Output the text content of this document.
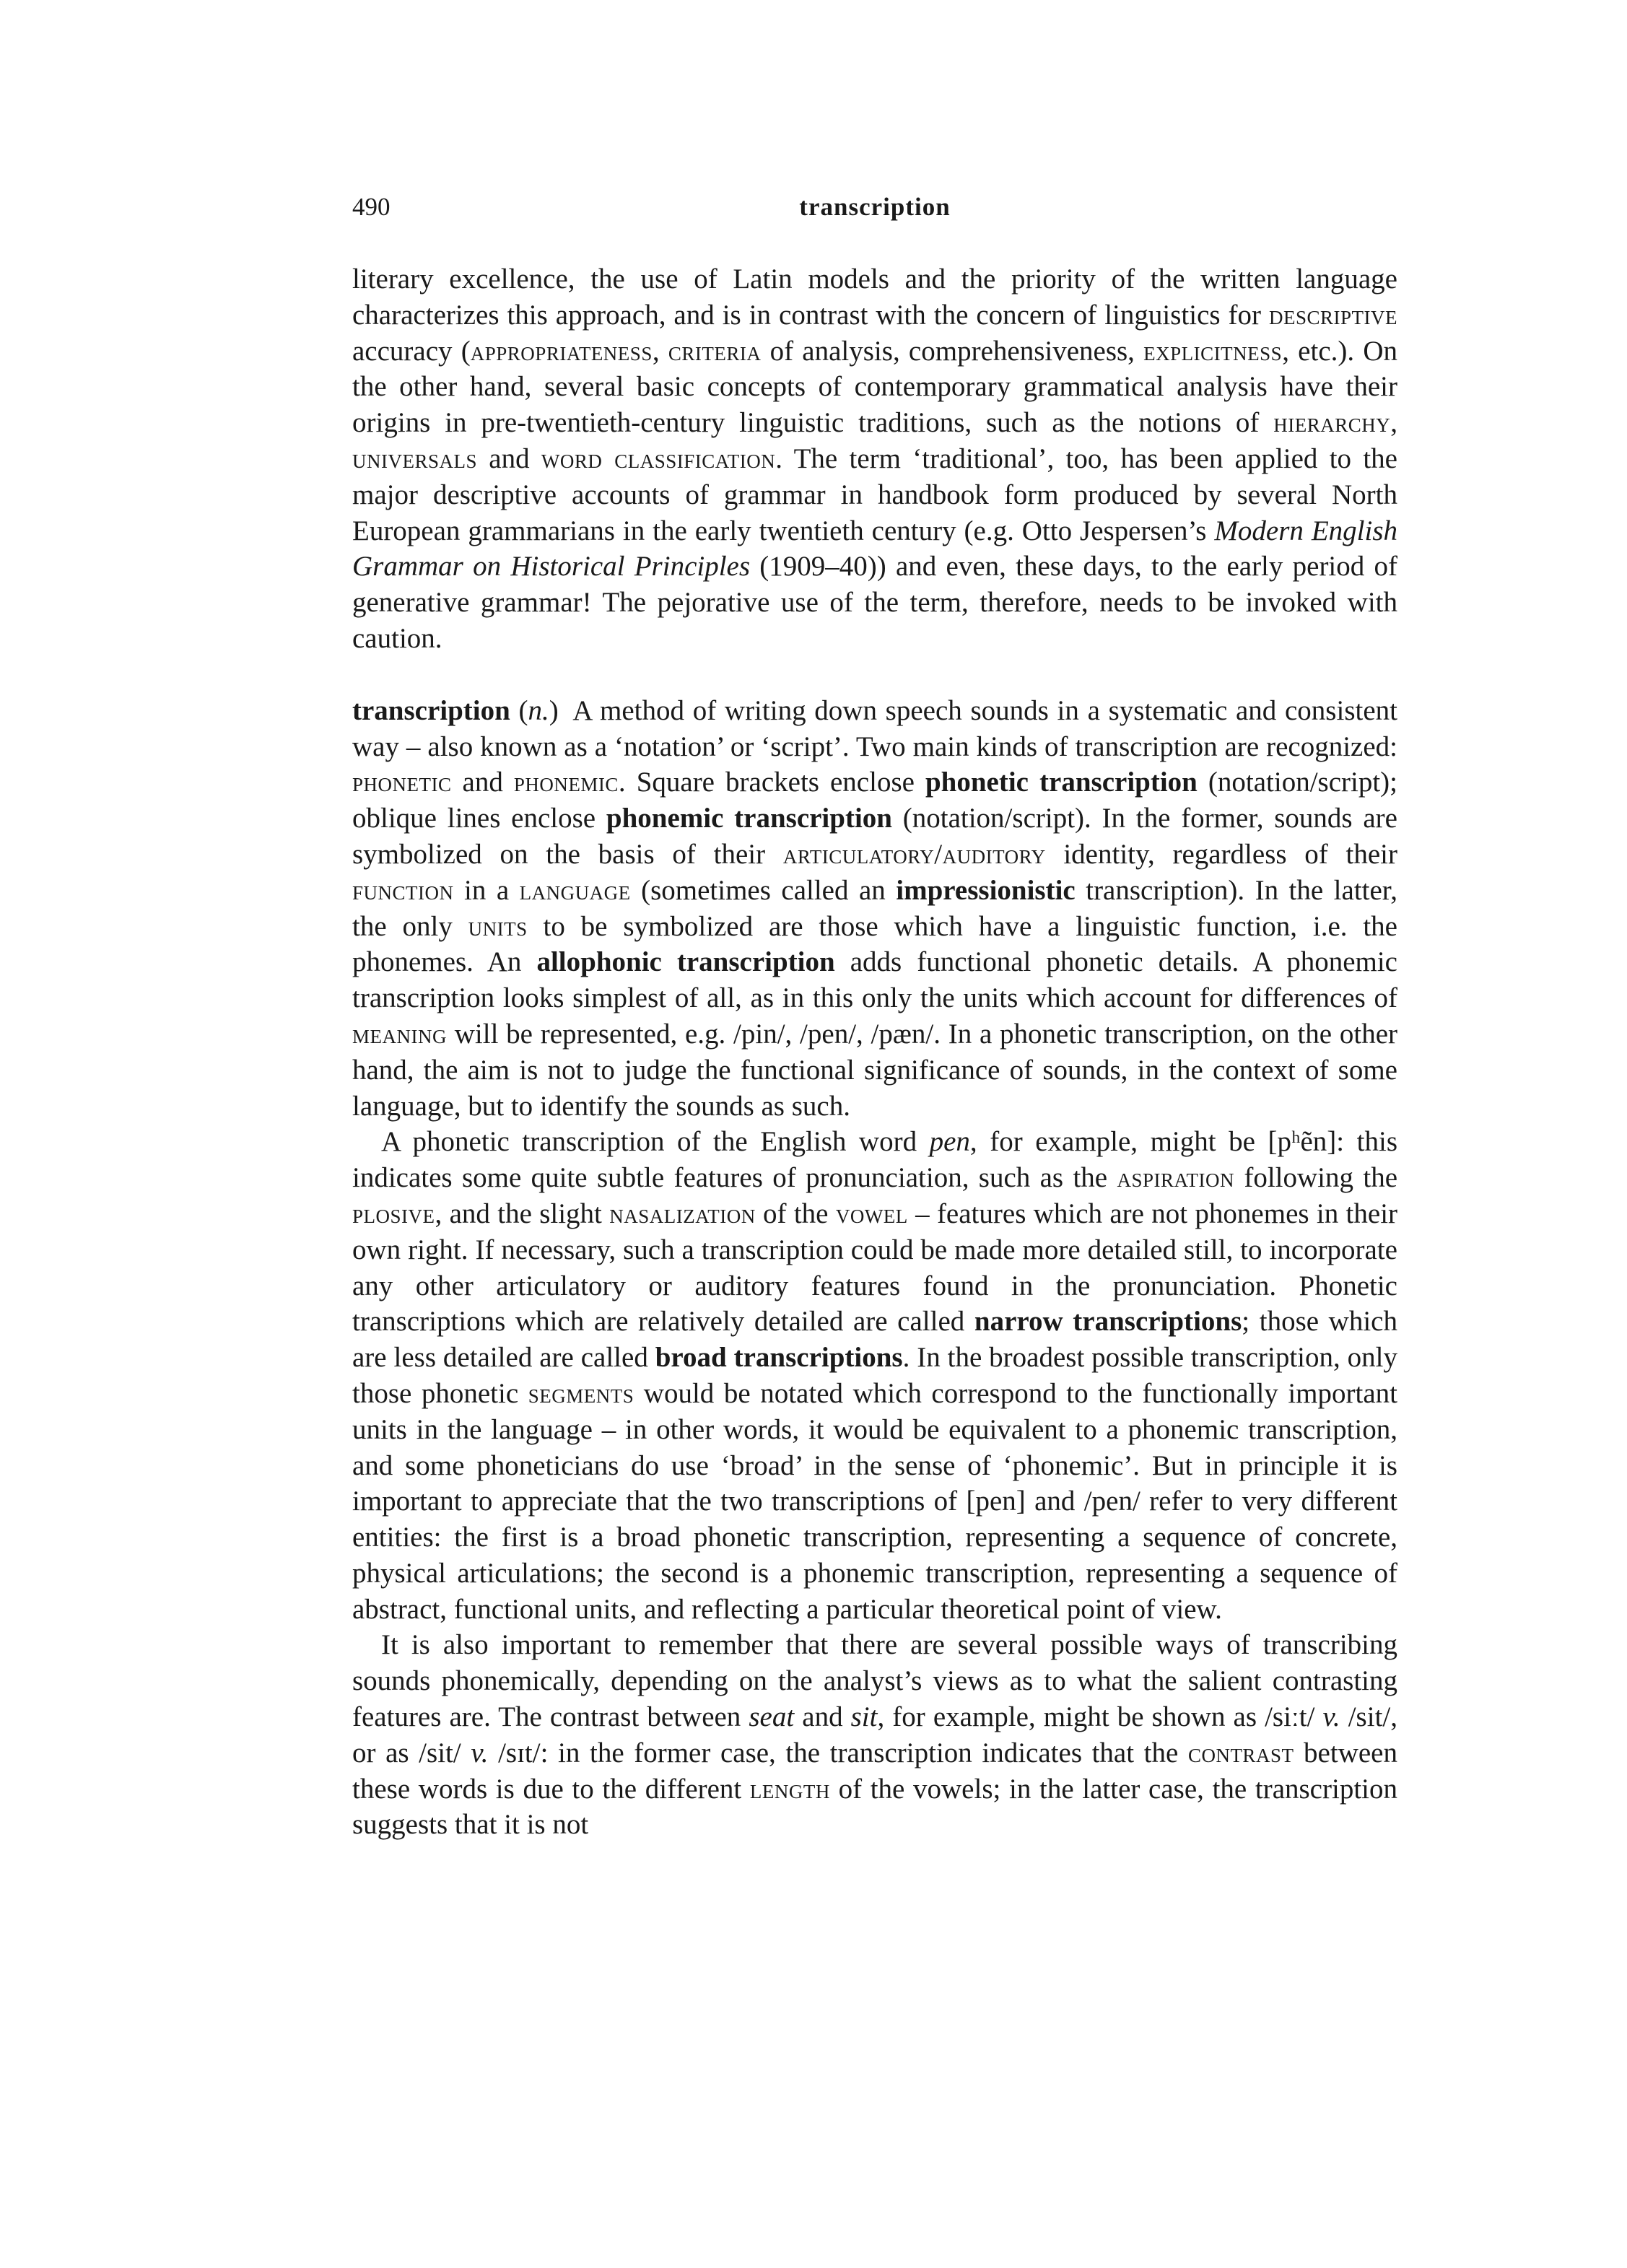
490	transcription

literary excellence, the use of Latin models and the priority of the written language characterizes this approach, and is in contrast with the concern of linguistics for descriptive accuracy (appropriateness, criteria of analysis, comprehensiveness, explicitness, etc.). On the other hand, several basic concepts of contemporary grammatical analysis have their origins in pre-twentieth-century linguistic traditions, such as the notions of hierarchy, universals and word classification. The term ‘traditional’, too, has been applied to the major descriptive accounts of grammar in handbook form produced by several North European grammarians in the early twentieth century (e.g. Otto Jespersen’s Modern English Grammar on Historical Principles (1909–40)) and even, these days, to the early period of generative grammar! The pejorative use of the term, therefore, needs to be invoked with caution.

transcription (n.) A method of writing down speech sounds in a systematic and consistent way – also known as a ‘notation’ or ‘script’. Two main kinds of transcription are recognized: phonetic and phonemic. Square brackets enclose phonetic transcription (notation/script); oblique lines enclose phonemic transcription (notation/script). In the former, sounds are symbolized on the basis of their articulatory/auditory identity, regardless of their function in a language (sometimes called an impressionistic transcription). In the latter, the only units to be symbolized are those which have a linguistic function, i.e. the phonemes. An allophonic transcription adds functional phonetic details. A phonemic transcription looks simplest of all, as in this only the units which account for differences of meaning will be represented, e.g. /pin/, /pen/, /pæn/. In a phonetic transcription, on the other hand, the aim is not to judge the functional significance of sounds, in the context of some language, but to identify the sounds as such.

A phonetic transcription of the English word pen, for example, might be [pʰẽn]: this indicates some quite subtle features of pronunciation, such as the aspiration following the plosive, and the slight nasalization of the vowel – features which are not phonemes in their own right. If necessary, such a transcription could be made more detailed still, to incorporate any other articulatory or auditory features found in the pronunciation. Phonetic transcriptions which are relatively detailed are called narrow transcriptions; those which are less detailed are called broad transcriptions. In the broadest possible transcription, only those phonetic segments would be notated which correspond to the functionally important units in the language – in other words, it would be equivalent to a phonemic transcription, and some phoneticians do use ‘broad’ in the sense of ‘phonemic’. But in principle it is important to appreciate that the two transcriptions of [pen] and /pen/ refer to very different entities: the first is a broad phonetic transcription, representing a sequence of concrete, physical articulations; the second is a phonemic transcription, representing a sequence of abstract, functional units, and reflecting a particular theoretical point of view.

It is also important to remember that there are several possible ways of transcribing sounds phonemically, depending on the analyst’s views as to what the salient contrasting features are. The contrast between seat and sit, for example, might be shown as /siːt/ v. /sit/, or as /sit/ v. /sɪt/: in the former case, the transcription indicates that the contrast between these words is due to the different length of the vowels; in the latter case, the transcription suggests that it is not
